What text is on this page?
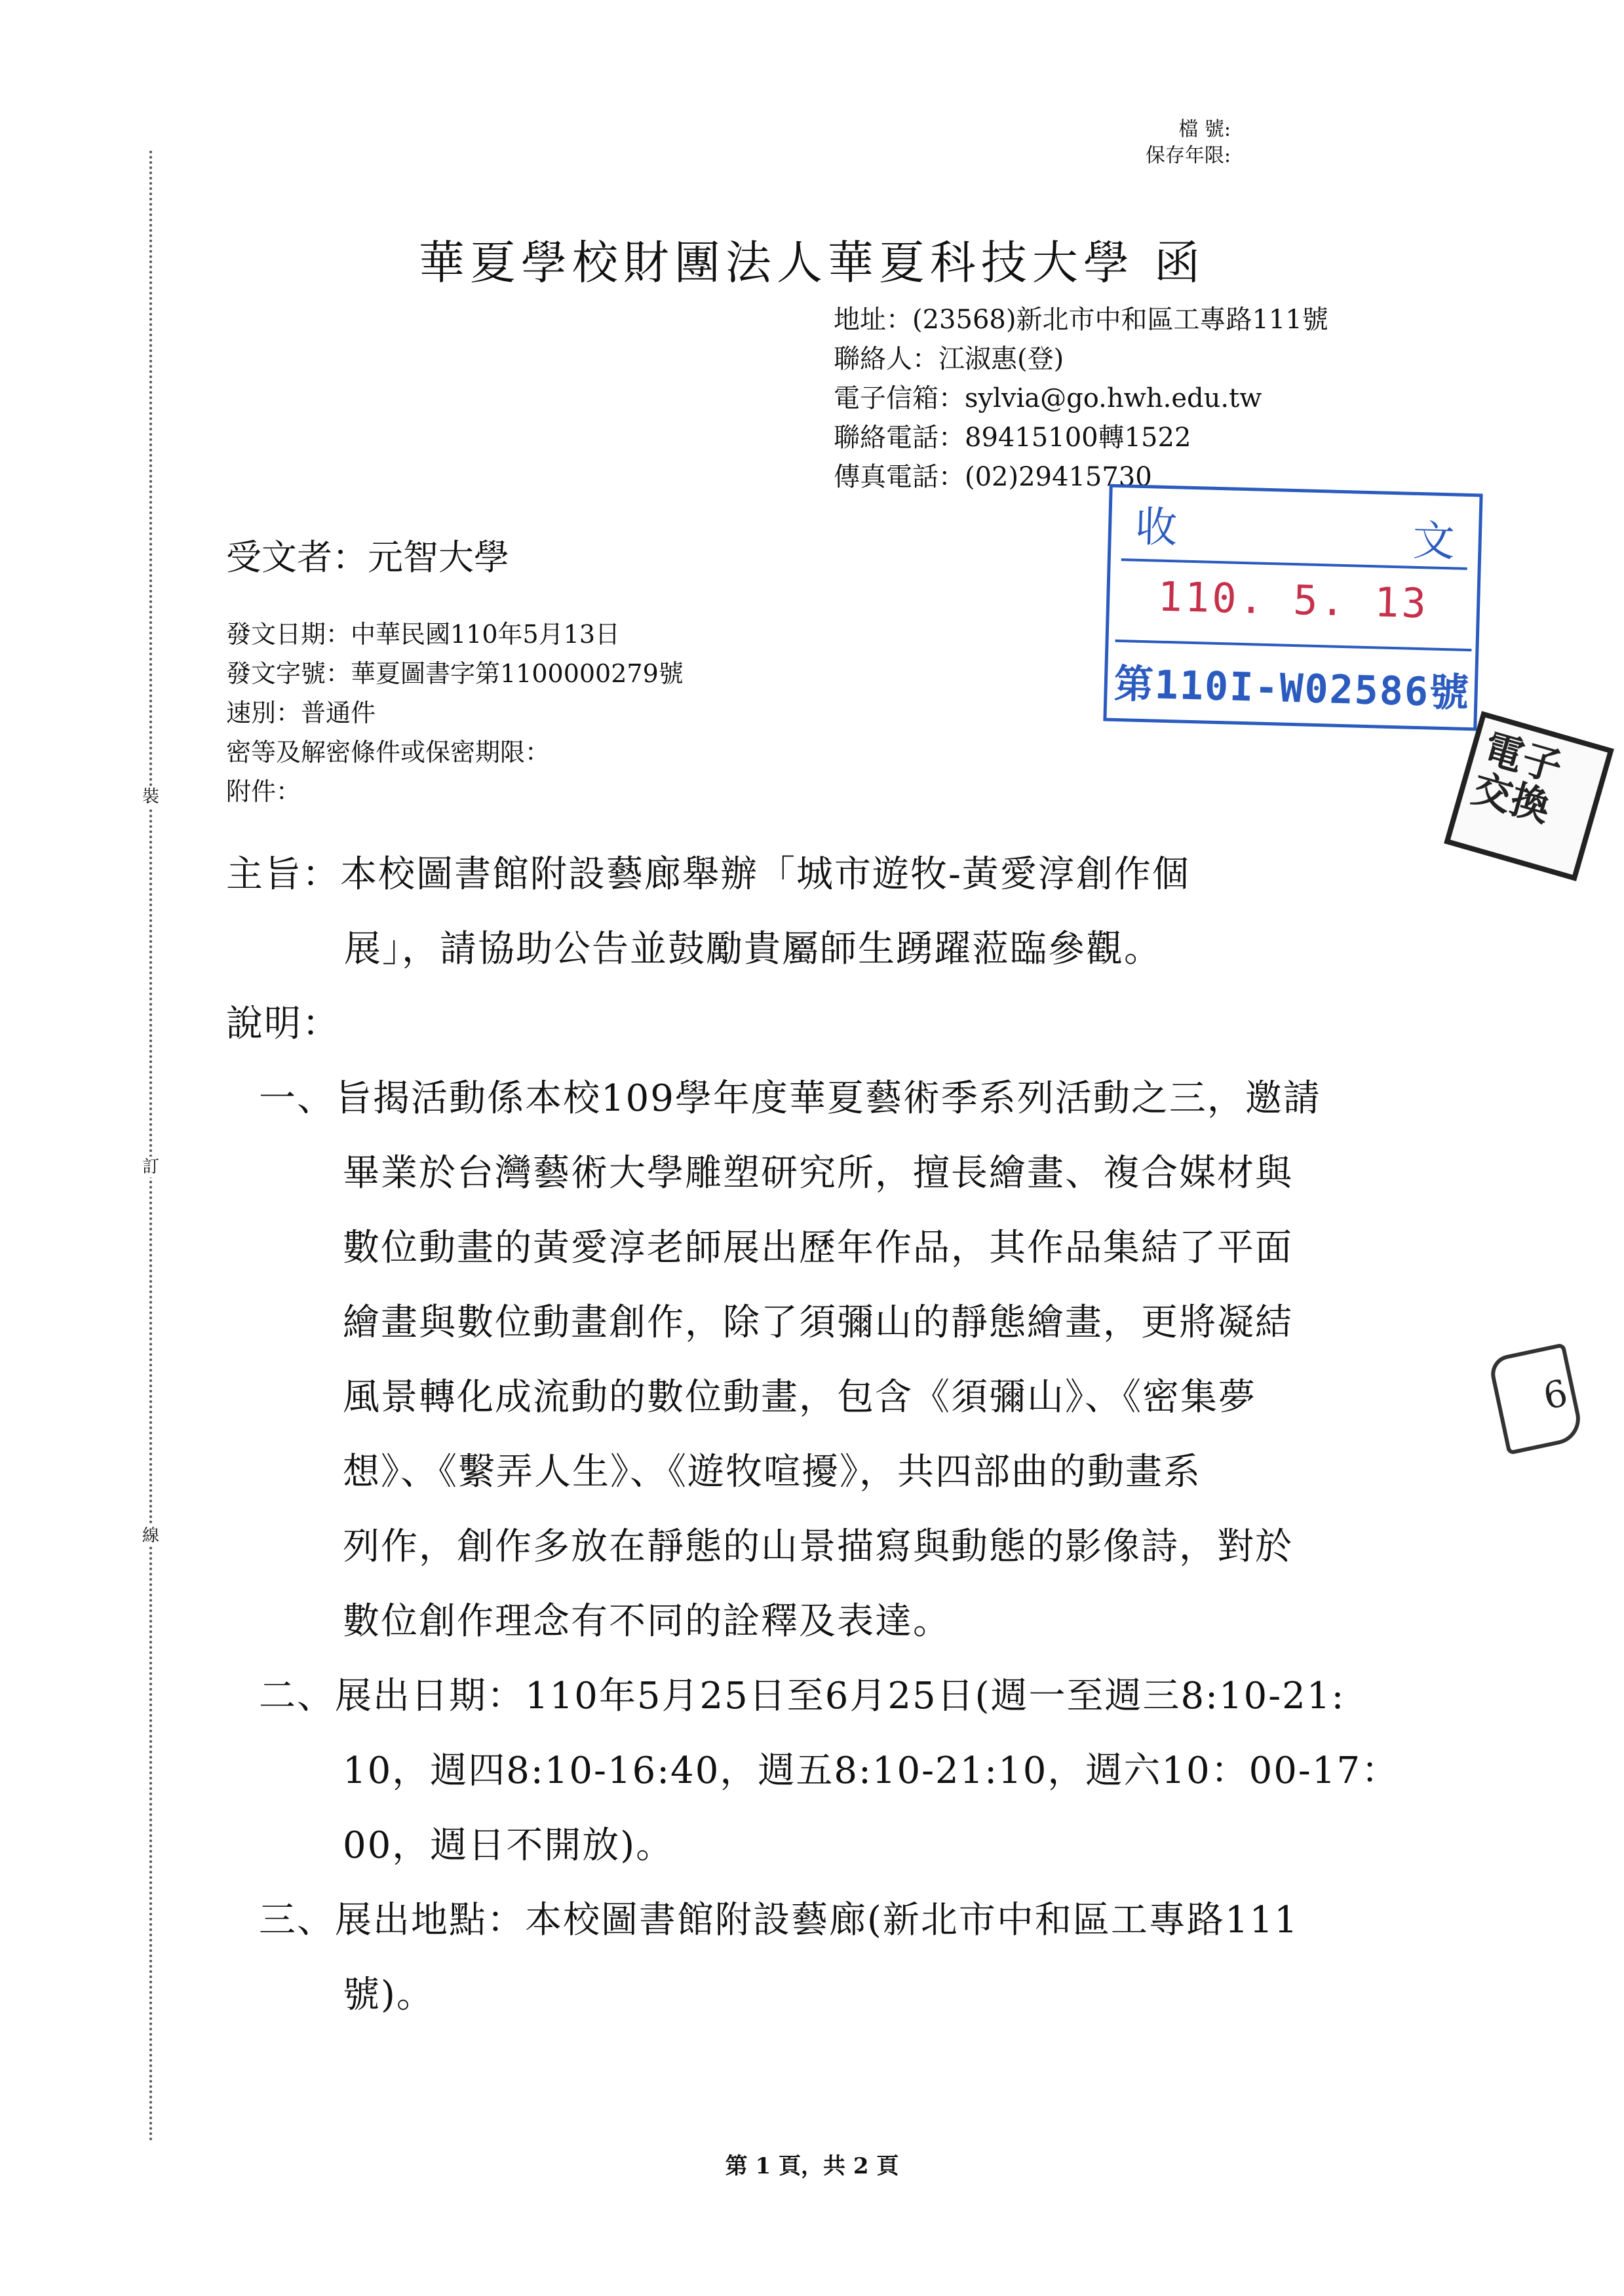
檔 號:
保存年限:
裝
訂
線
華夏學校財團法人華夏科技大學 函
地址：(23568)新北市中和區工專路111號
聯絡人：江淑惠(登)
電子信箱：sylvia@go.hwh.edu.tw
聯絡電話：89415100轉1522
傳真電話：(02)29415730
收	文
110. 5. 13
第110I-W02586號
受文者：元智大學
發文日期：中華民國110年5月13日
發文字號：華夏圖書字第1100000279號
速別：普通件
密等及解密條件或保密期限：
附件：
電子交換
6
主旨：本校圖書館附設藝廊舉辦「城市遊牧-黃愛淳創作個
展」，請協助公告並鼓勵貴屬師生踴躍蒞臨參觀。
說明：
一、旨揭活動係本校109學年度華夏藝術季系列活動之三，邀請
畢業於台灣藝術大學雕塑研究所，擅長繪畫、複合媒材與
數位動畫的黃愛淳老師展出歷年作品，其作品集結了平面
繪畫與數位動畫創作，除了須彌山的靜態繪畫，更將凝結
風景轉化成流動的數位動畫，包含《須彌山》、《密集夢
想》、《繫弄人生》、《遊牧喧擾》，共四部曲的動畫系
列作，創作多放在靜態的山景描寫與動態的影像詩，對於
數位創作理念有不同的詮釋及表達。
二、展出日期：110年5月25日至6月25日(週一至週三8:10-21:
10，週四8:10-16:40，週五8:10-21:10，週六10：00-17：
00，週日不開放)。
三、展出地點：本校圖書館附設藝廊(新北市中和區工專路111
號)。
第 1 頁，共 2 頁
